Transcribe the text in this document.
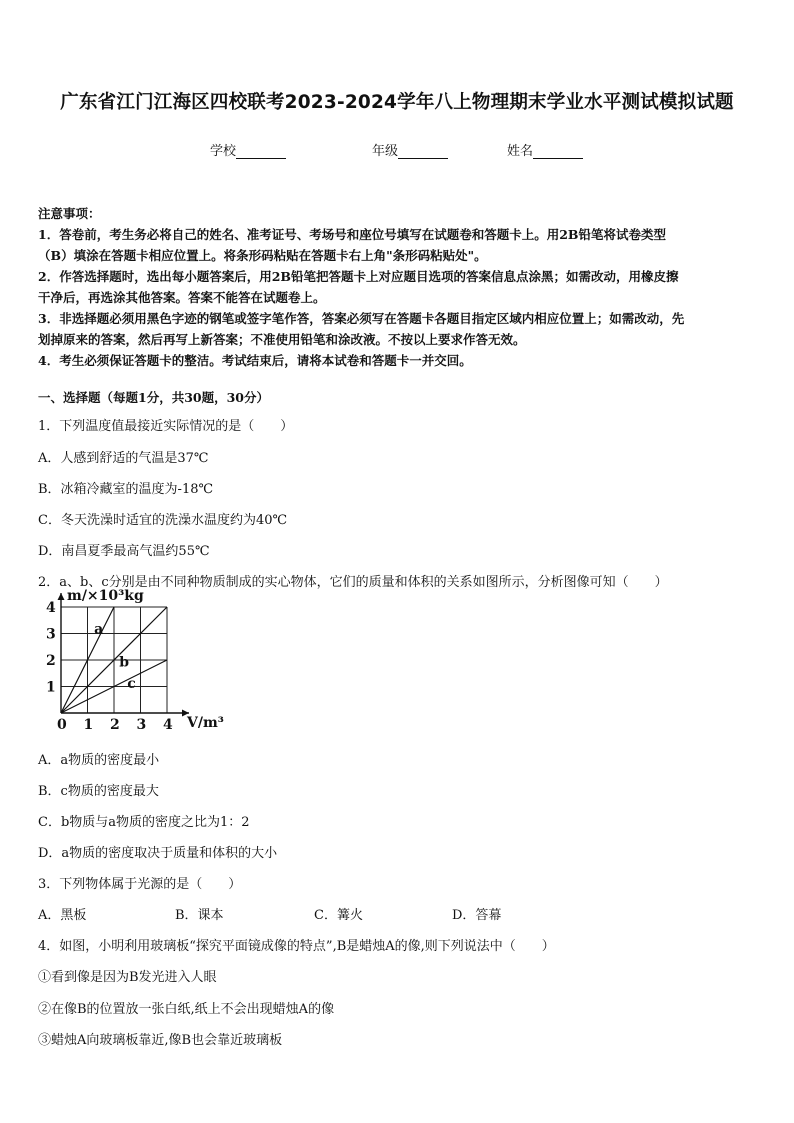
广东省江门江海区四校联考2023-2024学年八上物理期末学业水平测试模拟试题
学校	年级	姓名
注意事项：
1．答卷前，考生务必将自己的姓名、准考证号、考场号和座位号填写在试题卷和答题卡上。用2B铅笔将试卷类型
（B）填涂在答题卡相应位置上。将条形码粘贴在答题卡右上角"条形码粘贴处"。
2．作答选择题时，选出每小题答案后，用2B铅笔把答题卡上对应题目选项的答案信息点涂黑；如需改动，用橡皮擦
干净后，再选涂其他答案。答案不能答在试题卷上。
3．非选择题必须用黑色字迹的钢笔或签字笔作答，答案必须写在答题卡各题目指定区域内相应位置上；如需改动，先
划掉原来的答案，然后再写上新答案；不准使用铅笔和涂改液。不按以上要求作答无效。
4．考生必须保证答题卡的整洁。考试结束后，请将本试卷和答题卡一并交回。
一、选择题（每题1分，共30题，30分）
1．下列温度值最接近实际情况的是（　　）
A．人感到舒适的气温是37℃
B．冰箱冷藏室的温度为-18℃
C．冬天洗澡时适宜的洗澡水温度约为40℃
D．南昌夏季最高气温约55℃
2．a、b、c分别是由不同种物质制成的实心物体，它们的质量和体积的关系如图所示，分析图像可知（　　）
a
b
c
0 1 2 3 4
1
2
3
4
V/m³
m/×10³kg
A．a物质的密度最小
B．c物质的密度最大
C．b物质与a物质的密度之比为1：2
D．a物质的密度取决于质量和体积的大小
3．下列物体属于光源的是（　　）
A．黑板	B．课本	C．篝火	D．答幕
4．如图，小明利用玻璃板“探究平面镜成像的特点”,B是蜡烛A的像,则下列说法中（　　）
①看到像是因为B发光进入人眼
②在像B的位置放一张白纸,纸上不会出现蜡烛A的像
③蜡烛A向玻璃板靠近,像B也会靠近玻璃板
